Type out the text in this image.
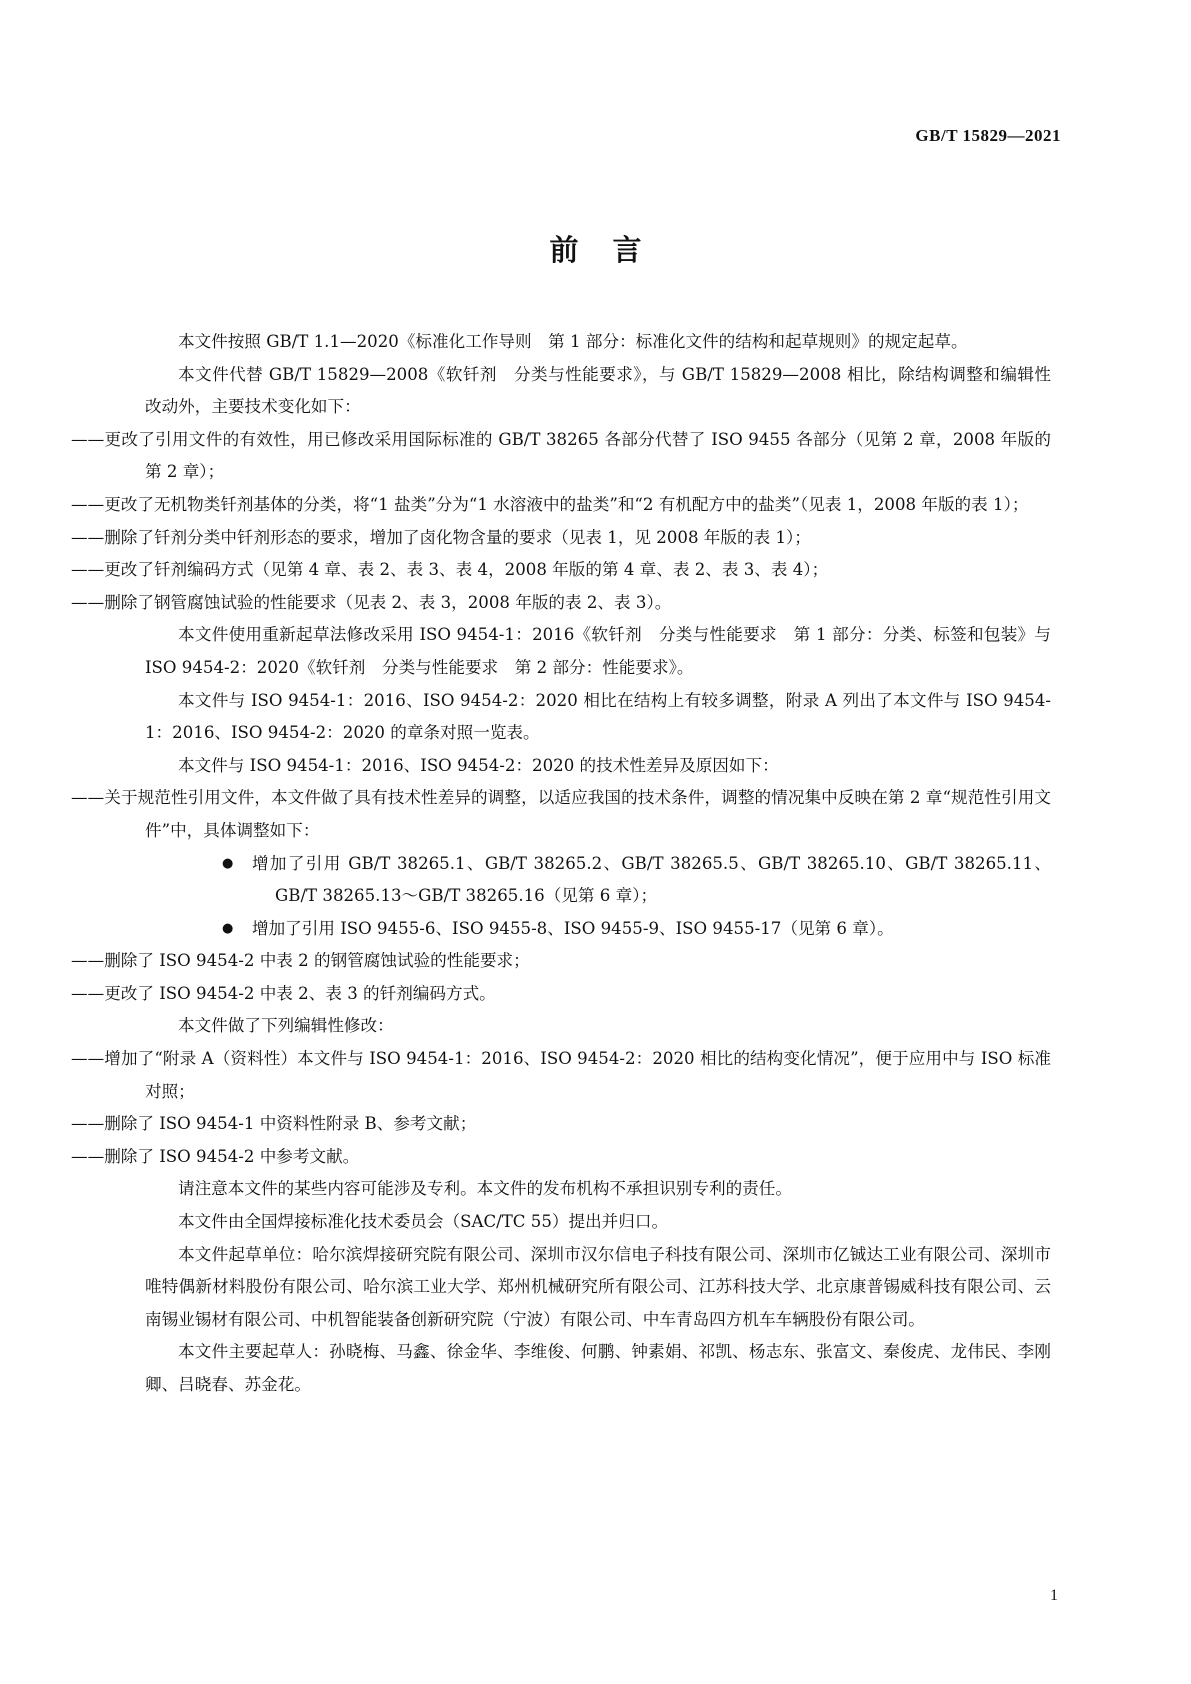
GB/T 15829—2021
前言

本文件按照 GB/T 1.1—2020《标准化工作导则　第 1 部分：标准化文件的结构和起草规则》的规定起草。

本文件代替 GB/T 15829—2008《软钎剂　分类与性能要求》，与 GB/T 15829—2008 相比，除结构调整和编辑性改动外，主要技术变化如下：

——更改了引用文件的有效性，用已修改采用国际标准的 GB/T 38265 各部分代替了 ISO 9455 各部分（见第 2 章，2008 年版的第 2 章）；

——更改了无机物类钎剂基体的分类，将“1 盐类”分为“1 水溶液中的盐类”和“2 有机配方中的盐类”（见表 1，2008 年版的表 1）；

——删除了钎剂分类中钎剂形态的要求，增加了卤化物含量的要求（见表 1，见 2008 年版的表 1）；

——更改了钎剂编码方式（见第 4 章、表 2、表 3、表 4，2008 年版的第 4 章、表 2、表 3、表 4）；

——删除了钢管腐蚀试验的性能要求（见表 2、表 3，2008 年版的表 2、表 3）。

本文件使用重新起草法修改采用 ISO 9454-1：2016《软钎剂　分类与性能要求　第 1 部分：分类、标签和包装》与 ISO 9454-2：2020《软钎剂　分类与性能要求　第 2 部分：性能要求》。

本文件与 ISO 9454-1：2016、ISO 9454-2：2020 相比在结构上有较多调整，附录 A 列出了本文件与 ISO 9454-1：2016、ISO 9454-2：2020 的章条对照一览表。

本文件与 ISO 9454-1：2016、ISO 9454-2：2020 的技术性差异及原因如下：

——关于规范性引用文件，本文件做了具有技术性差异的调整，以适应我国的技术条件，调整的情况集中反映在第 2 章“规范性引用文件”中，具体调整如下：

●	增加了引用 GB/T 38265.1、GB/T 38265.2、GB/T 38265.5、GB/T 38265.10、GB/T 38265.11、GB/T 38265.13～GB/T 38265.16（见第 6 章）；

●	增加了引用 ISO 9455-6、ISO 9455-8、ISO 9455-9、ISO 9455-17（见第 6 章）。

——删除了 ISO 9454-2 中表 2 的钢管腐蚀试验的性能要求；

——更改了 ISO 9454-2 中表 2、表 3 的钎剂编码方式。

本文件做了下列编辑性修改：

——增加了“附录 A（资料性）本文件与 ISO 9454-1：2016、ISO 9454-2：2020 相比的结构变化情况”，便于应用中与 ISO 标准对照；

——删除了 ISO 9454-1 中资料性附录 B、参考文献；

——删除了 ISO 9454-2 中参考文献。

请注意本文件的某些内容可能涉及专利。本文件的发布机构不承担识别专利的责任。

本文件由全国焊接标准化技术委员会（SAC/TC 55）提出并归口。

本文件起草单位：哈尔滨焊接研究院有限公司、深圳市汉尔信电子科技有限公司、深圳市亿铖达工业有限公司、深圳市唯特偶新材料股份有限公司、哈尔滨工业大学、郑州机械研究所有限公司、江苏科技大学、北京康普锡威科技有限公司、云南锡业锡材有限公司、中机智能装备创新研究院（宁波）有限公司、中车青岛四方机车车辆股份有限公司。

本文件主要起草人：孙晓梅、马鑫、徐金华、李维俊、何鹏、钟素娟、祁凯、杨志东、张富文、秦俊虎、龙伟民、李刚卿、吕晓春、苏金花。

1
